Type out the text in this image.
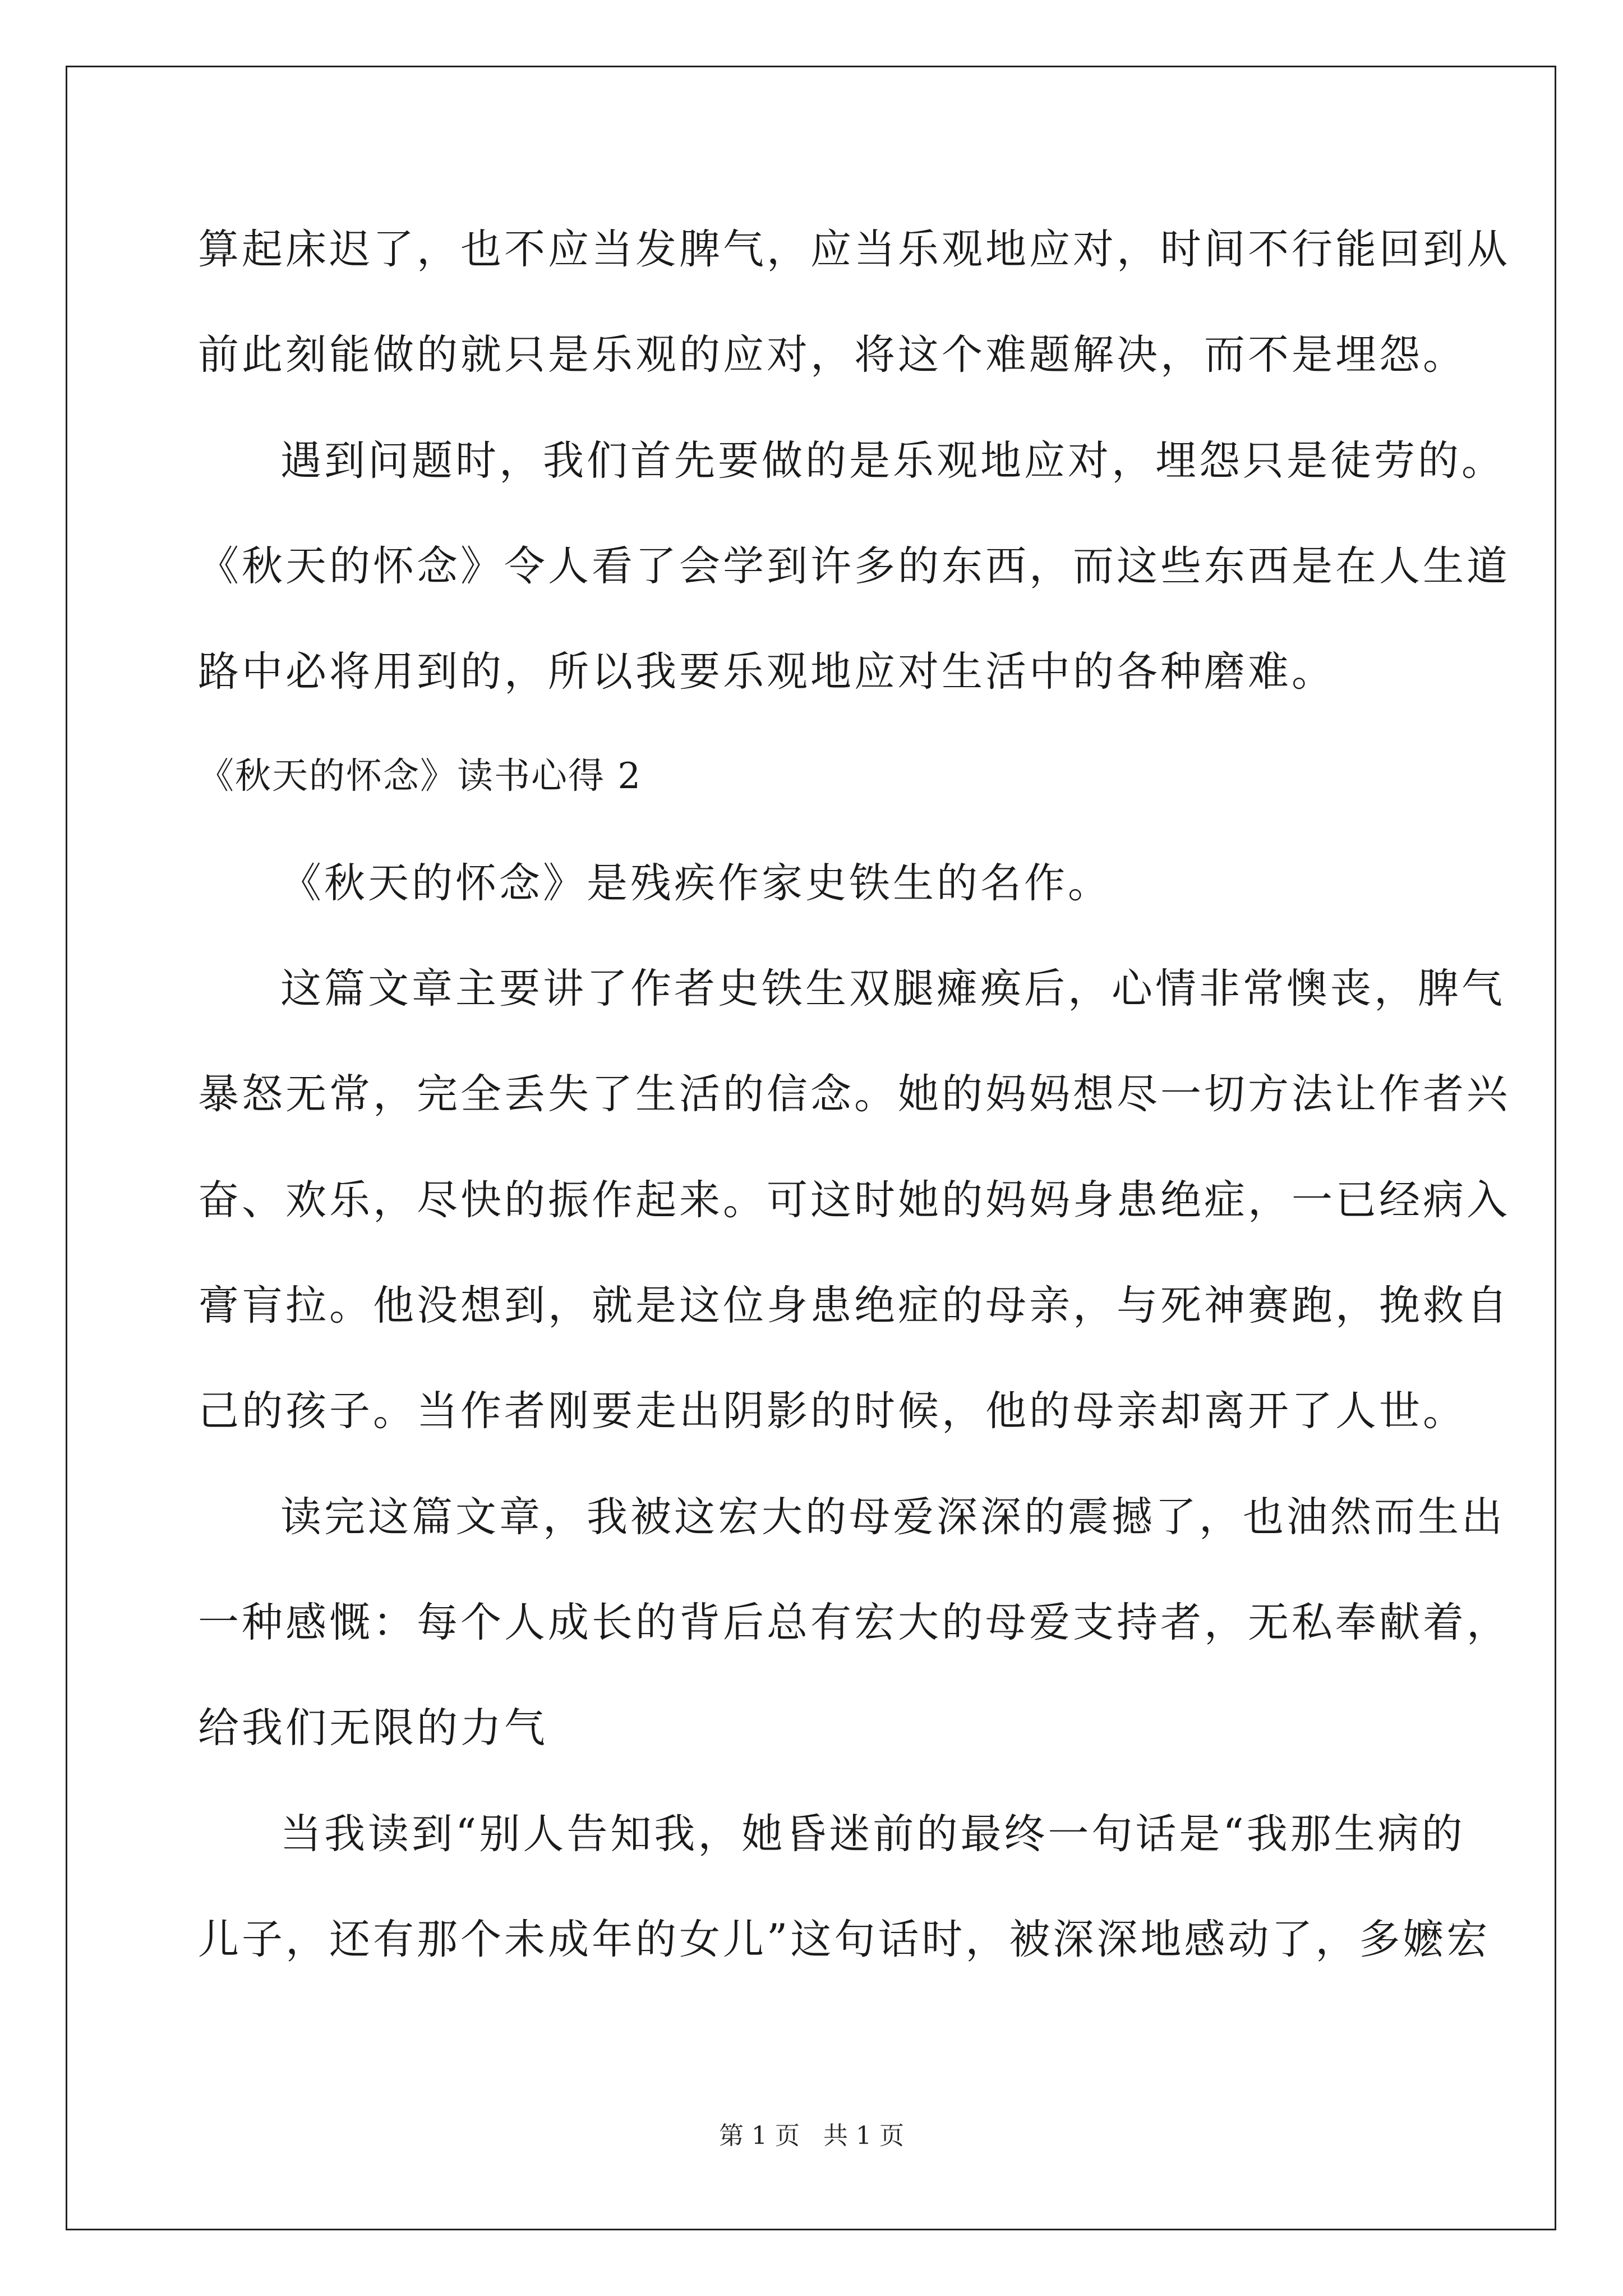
算起床迟了，也不应当发脾气，应当乐观地应对，时间不行能回到从

前此刻能做的就只是乐观的应对，将这个难题解决，而不是埋怨。

遇到问题时，我们首先要做的是乐观地应对，埋怨只是徒劳的。

《秋天的怀念》令人看了会学到许多的东西，而这些东西是在人生道

路中必将用到的，所以我要乐观地应对生活中的各种磨难。

《秋天的怀念》读书心得 2

《秋天的怀念》是残疾作家史铁生的名作。

这篇文章主要讲了作者史铁生双腿瘫痪后，心情非常懊丧，脾气

暴怒无常，完全丢失了生活的信念。她的妈妈想尽一切方法让作者兴

奋、欢乐，尽快的振作起来。可这时她的妈妈身患绝症，一已经病入

膏肓拉。他没想到，就是这位身患绝症的母亲，与死神赛跑，挽救自

己的孩子。当作者刚要走出阴影的时候，他的母亲却离开了人世。

读完这篇文章，我被这宏大的母爱深深的震撼了，也油然而生出

一种感慨：每个人成长的背后总有宏大的母爱支持者，无私奉献着，

给我们无限的力气

当我读到“别人告知我，她昏迷前的最终一句话是“我那生病的

儿子，还有那个未成年的女儿”这句话时，被深深地感动了，多嬷宏

第 1 页   共 1 页
